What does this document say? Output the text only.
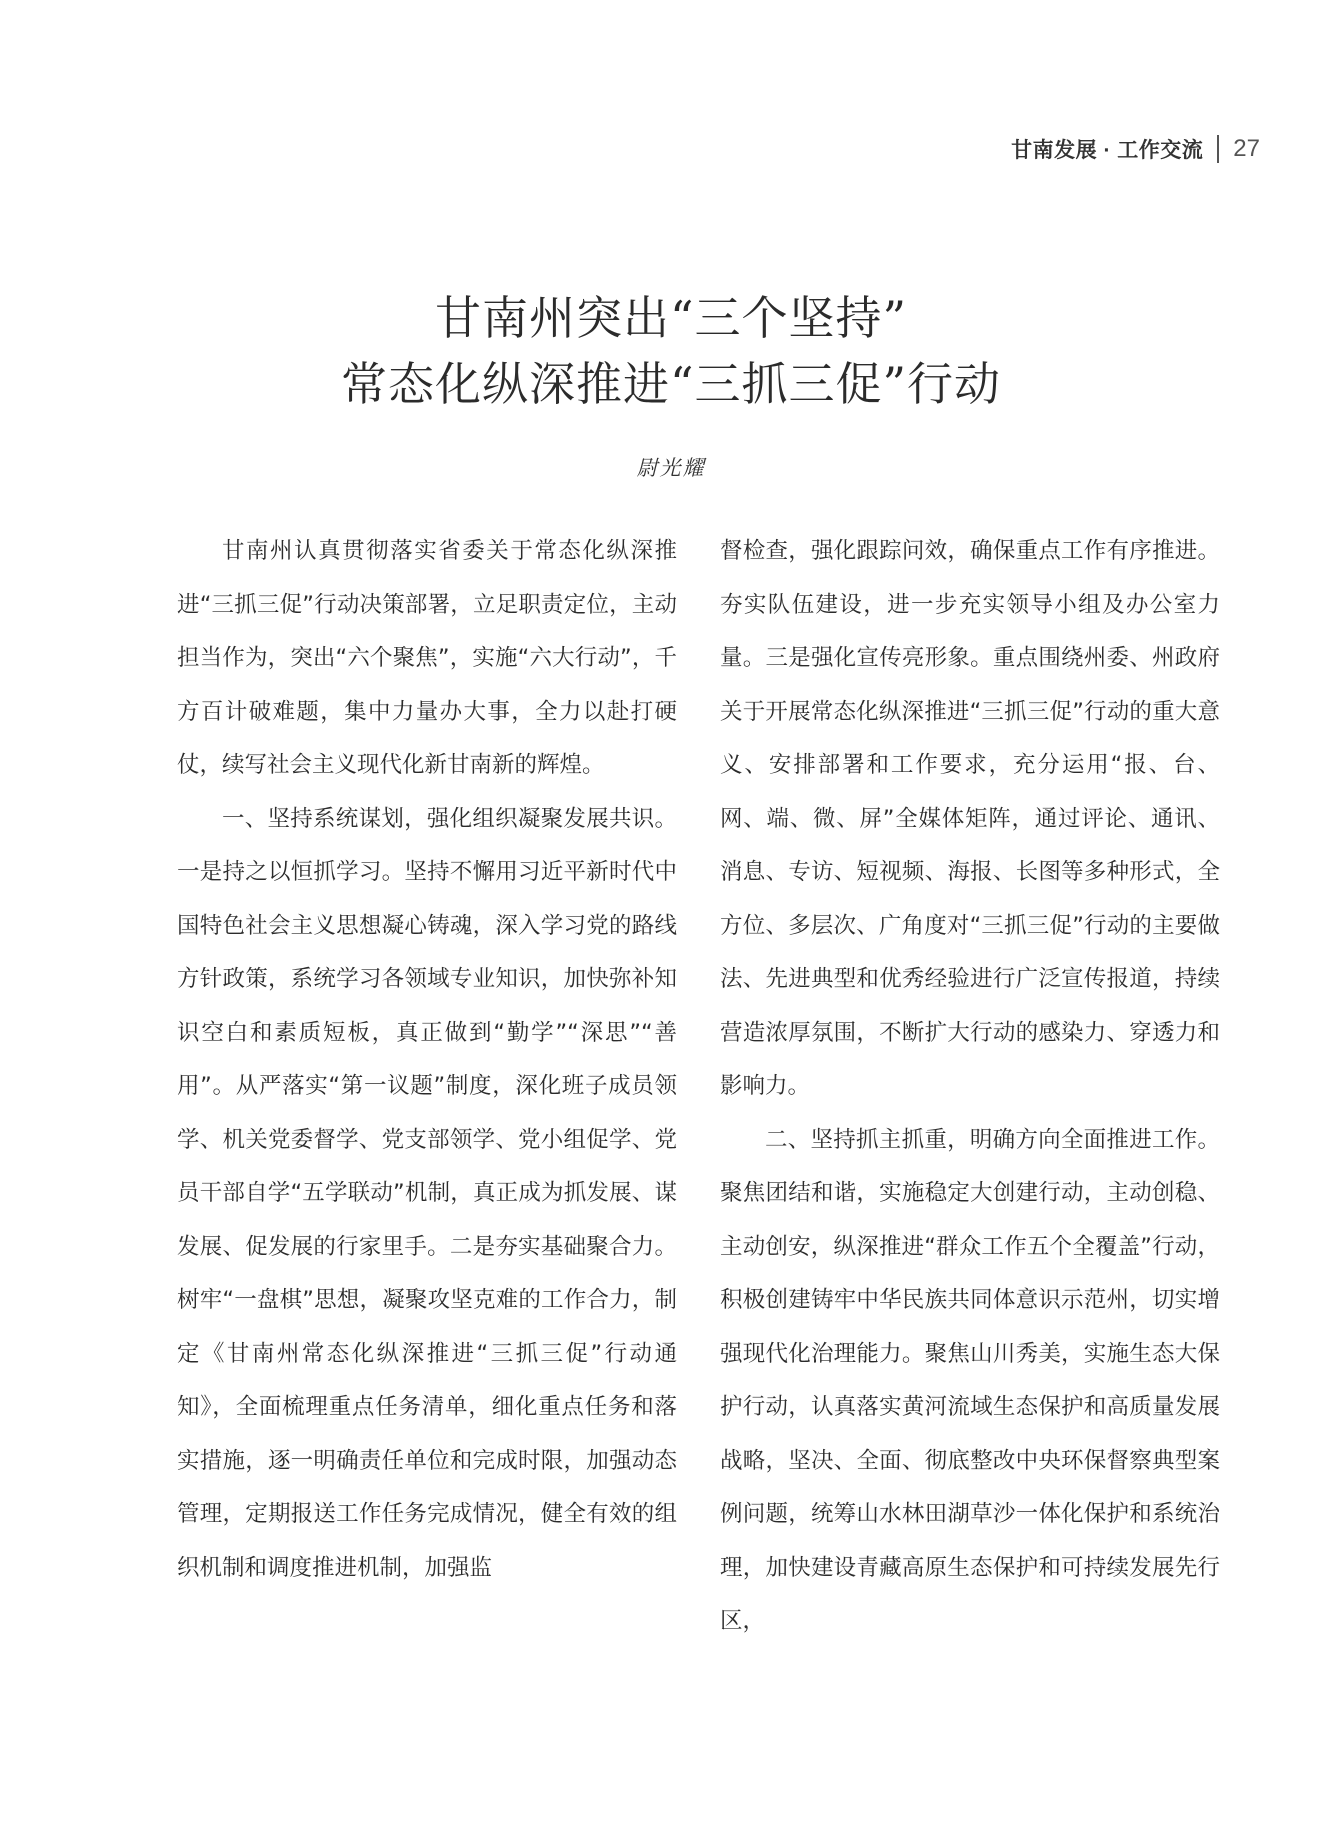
甘南发展 · 工作交流 27
甘南州突出“三个坚持”
常态化纵深推进“三抓三促”行动
尉光耀

甘南州认真贯彻落实省委关于常态化纵深推进“三抓三促”行动决策部署，立足职责定位，主动担当作为，突出“六个聚焦”，实施“六大行动”，千方百计破难题，集中力量办大事，全力以赴打硬仗，续写社会主义现代化新甘南新的辉煌。

一、坚持系统谋划，强化组织凝聚发展共识。一是持之以恒抓学习。坚持不懈用习近平新时代中国特色社会主义思想凝心铸魂，深入学习党的路线方针政策，系统学习各领域专业知识，加快弥补知识空白和素质短板，真正做到“勤学”“深思”“善用”。从严落实“第一议题”制度，深化班子成员领学、机关党委督学、党支部领学、党小组促学、党员干部自学“五学联动”机制，真正成为抓发展、谋发展、促发展的行家里手。二是夯实基础聚合力。树牢“一盘棋”思想，凝聚攻坚克难的工作合力，制定《甘南州常态化纵深推进“三抓三促”行动通知》，全面梳理重点任务清单，细化重点任务和落实措施，逐一明确责任单位和完成时限，加强动态管理，定期报送工作任务完成情况，健全有效的组织机制和调度推进机制，加强监

督检查，强化跟踪问效，确保重点工作有序推进。夯实队伍建设，进一步充实领导小组及办公室力量。三是强化宣传亮形象。重点围绕州委、州政府关于开展常态化纵深推进“三抓三促”行动的重大意义、安排部署和工作要求，充分运用“报、台、网、端、微、屏”全媒体矩阵，通过评论、通讯、消息、专访、短视频、海报、长图等多种形式，全方位、多层次、广角度对“三抓三促”行动的主要做法、先进典型和优秀经验进行广泛宣传报道，持续营造浓厚氛围，不断扩大行动的感染力、穿透力和影响力。

二、坚持抓主抓重，明确方向全面推进工作。聚焦团结和谐，实施稳定大创建行动，主动创稳、主动创安，纵深推进“群众工作五个全覆盖”行动，积极创建铸牢中华民族共同体意识示范州，切实增强现代化治理能力。聚焦山川秀美，实施生态大保护行动，认真落实黄河流域生态保护和高质量发展战略，坚决、全面、彻底整改中央环保督察典型案例问题，统筹山水林田湖草沙一体化保护和系统治理，加快建设青藏高原生态保护和可持续发展先行区，
